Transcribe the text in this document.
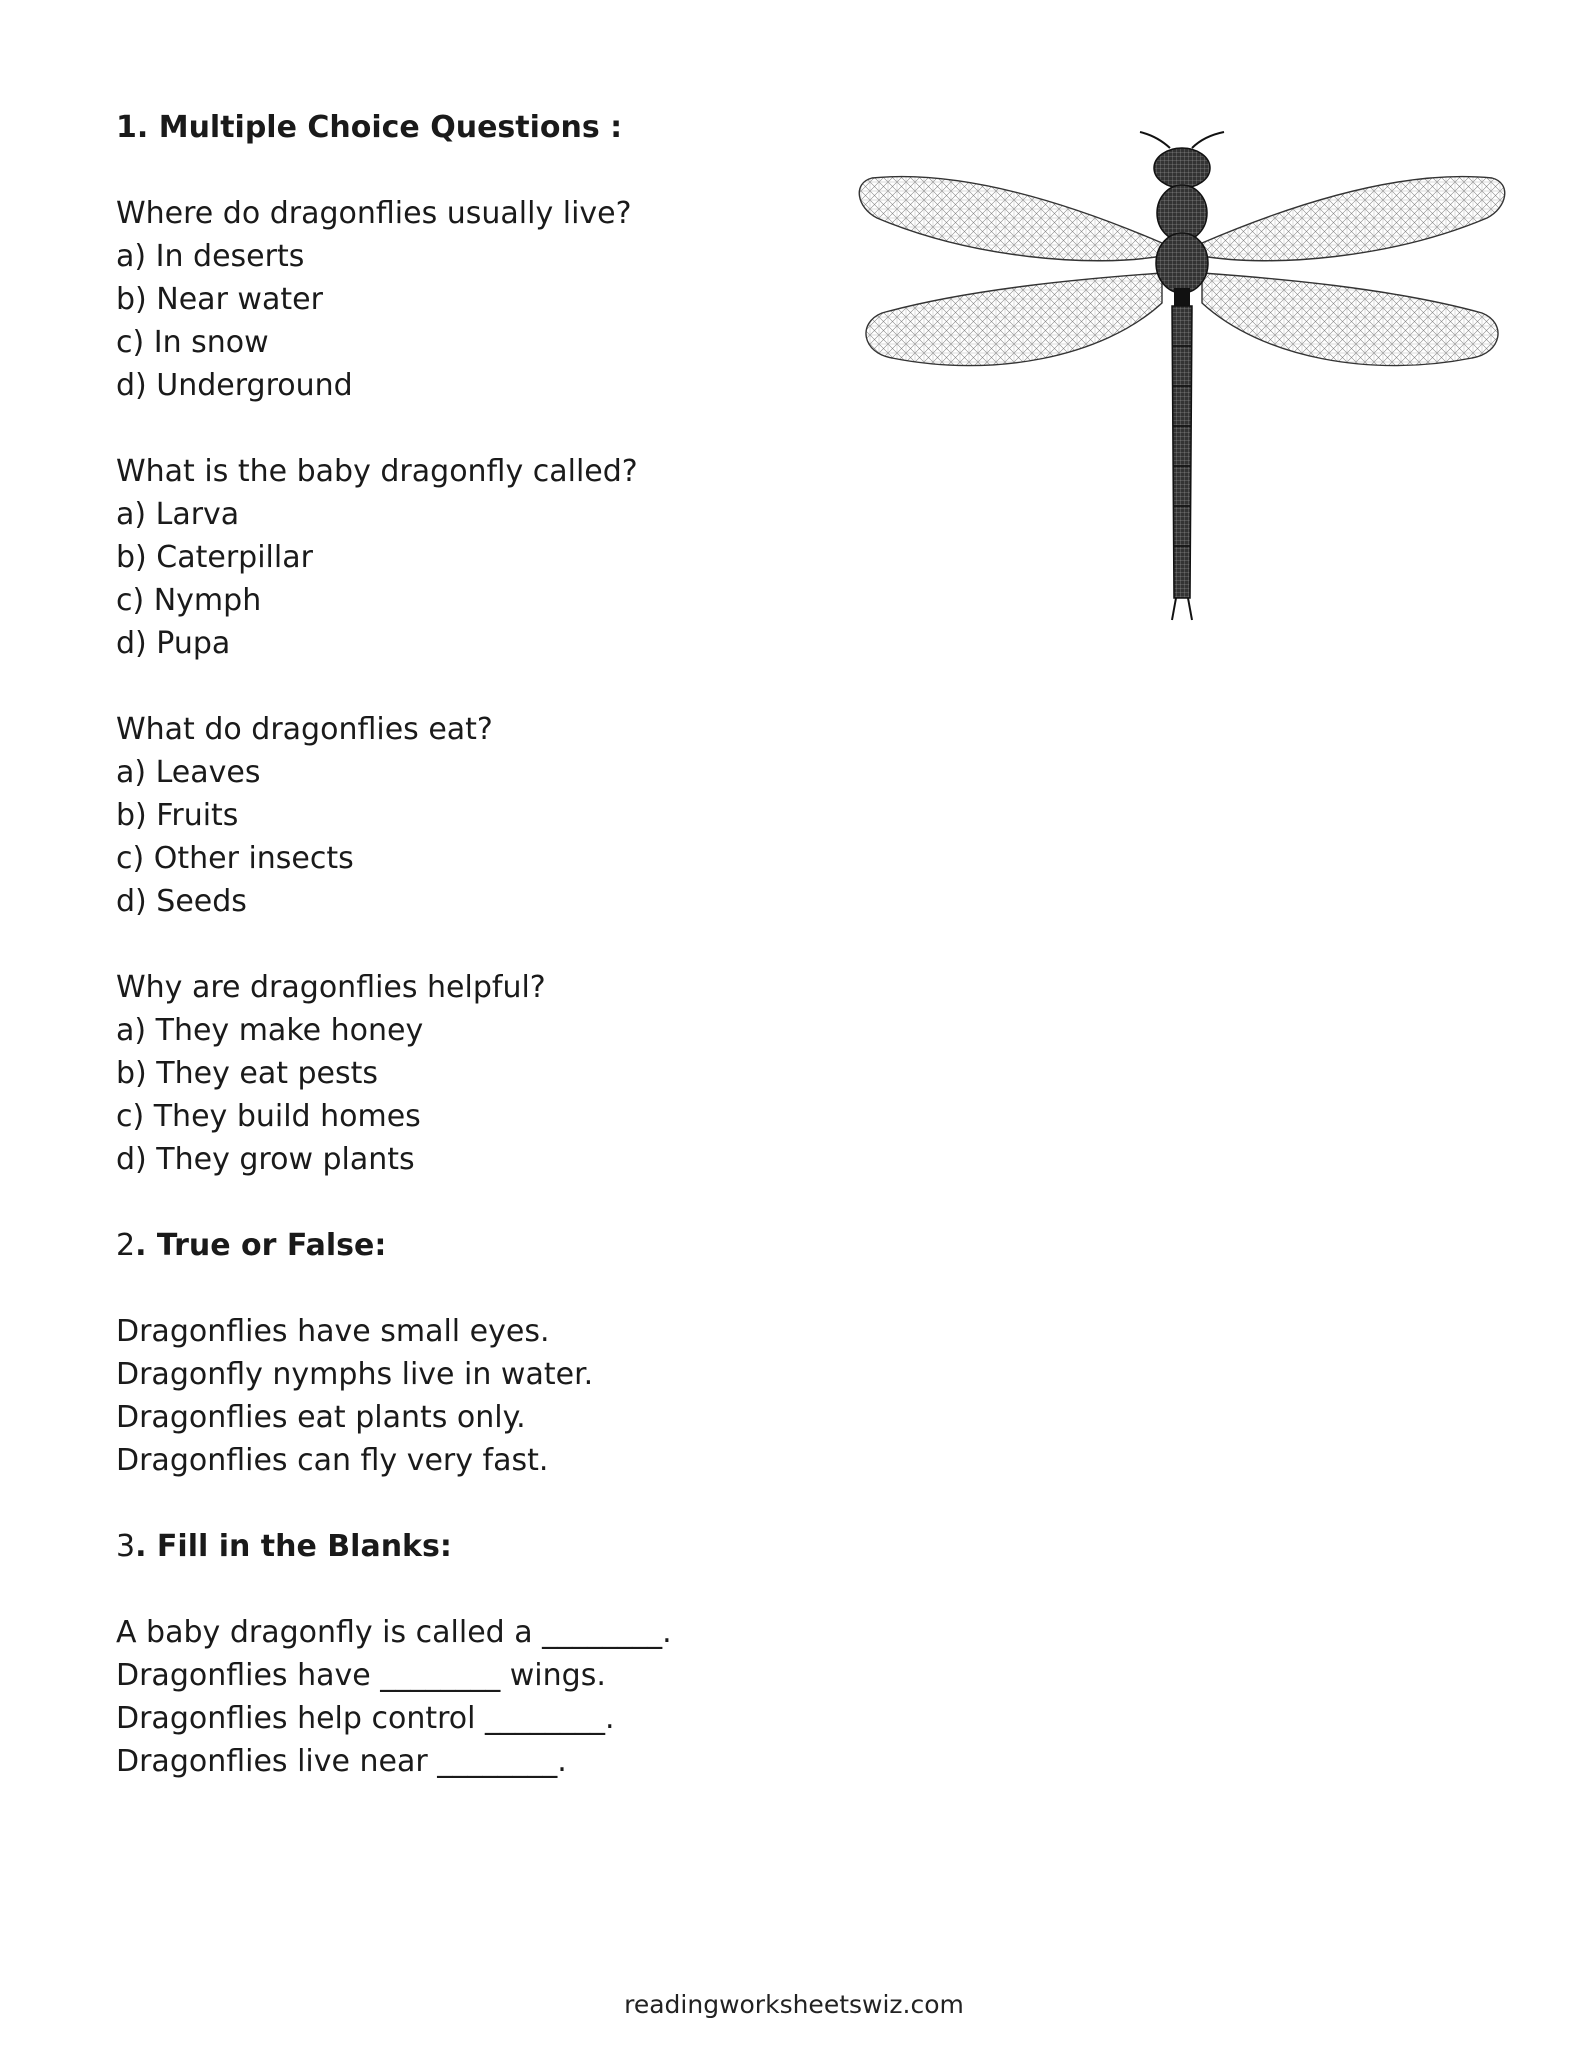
1. Multiple Choice Questions :
Where do dragonflies usually live?
a) In deserts
b) Near water
c) In snow
d) Underground
What is the baby dragonfly called?
a) Larva
b) Caterpillar
c) Nymph
d) Pupa
What do dragonflies eat?
a) Leaves
b) Fruits
c) Other insects
d) Seeds
Why are dragonflies helpful?
a) They make honey
b) They eat pests
c) They build homes
d) They grow plants
2. True or False:
Dragonflies have small eyes.
Dragonfly nymphs live in water.
Dragonflies eat plants only.
Dragonflies can fly very fast.
3. Fill in the Blanks:
A baby dragonfly is called a ________.
Dragonflies have ________ wings.
Dragonflies help control ________.
Dragonflies live near ________.
readingworksheetswiz.com
